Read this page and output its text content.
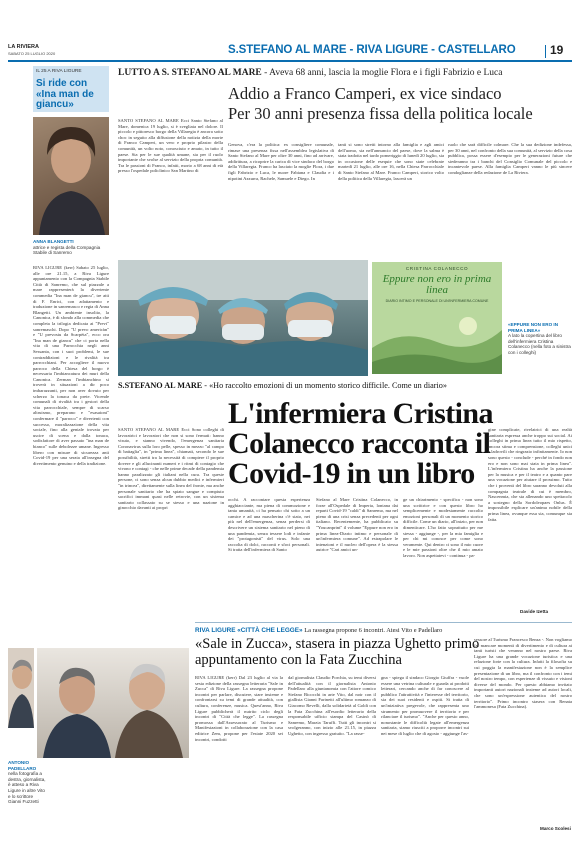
LA RIVIERA
SABATO 25 LUGLIO 2020	S.STEFANO AL MARE - RIVA LIGURE - CASTELLARO	19
IL 25 A RIVA LIGURE
Si ride con «Ina man de giancu»
ANNA BLANGETTI
attrice e regista della Compagnia Stabile di Sanremo
RIVA LIGURE (kerr) Sabato 25 luglio, alle ore 21.15, a Riva Ligure appuntamento con la Compagnia Stabile Città di Sanremo, che sul piazzale a mare rappresenterà la divertente commedia "Ina man de giancu", tre atti di F. Enrici, con adattamento e traduzione in sanremasco e regia di Anna Blangetti. Un ambiente insolito, la Canonica, è di sfondo alla commedia che completa la trilogia dedicata ai "Previ" sanremaschi. Dopo "U prevo americàn" e "U prevostu da Scarpèta", ecco ora "Ina man de giancu" che ci porta nella vita di una Parrocchia negli anni Sessanta, con i suoi problemi, le sue contraddizioni e le rivalità tra parrocchiani. Per accogliere il nuovo parroco della Chiesa del borgo è necessaria l'imbiancatura dei muri della Canonica. Zerman l'imbianchino si troverà in situazioni a dir poco imbarazzanti, per non aver dovuto per scherzo la tonaca da prete. Vicende comunali di rivalità tra i gestori della vita parrocchiale, sempre di scarso altruismo, preparano e "esasaioni" confermare il "parroco" e divertenti con successo, moralizzazione della vita sociale, fino alla geniale trovata per uscire di scena e dalla tonaca, sodisfattore di aver passato "ina man de bianco" sulle debolezze umane. Ingresso libero con misure di sicurezza anti Covid-19 per una serata all'insegna del divertimento genuino e della tradizione.
LUTTO A S. STEFANO AL MARE - Aveva 68 anni, lascia la moglie Flora e i figli Fabrizio e Luca
Addio a Franco Camperi, ex vice sindaco
Per 30 anni presenza fissa della politica locale
SANTO STEFANO AL MARE Ecci Santo Stefano al Mare, domenica 19 luglio, si è svegliata nel dolore. Il piccolo e pittoresco borgo della Villaregia è ancora sotto choc in seguito alla diffusione della notizia della morte di Franco Camperi, un vero e proprio pilastro della comunità, un volto noto, conosciuto e amato, in tutto il paese. Sia per le sue qualità umane, sia per il ruolo importante che svolse al servizio della propria comunità. Tra le passioni di Franco, infatti, morto a 68 anni di età presso l'ospedale policlinico San Martino di
Genova, c'era la politica: ex consigliere comunale, rimase una presenza fissa nell'assemblea legislativa di Santo Stefano al Mare per oltre 30 anni, fino ad arrivare, addirittura, a ricoprire la carica di vice sindaco del borgo della Villaregia. Franco ha lasciato la moglie Flora, i due figli Fabrizio e Luca, le nuore Fabiana e Claudia e i nipotini Azzurra, Rachele, Samuele e Diego. In
tanti si sono stretti intorno alla famiglia e agli amici dell'uomo, sia nell'annuncio del paese, dove la salma è stata tradotta nel tardo pomeriggio di lunedì 20 luglio, sia in occasione delle esequie che sono state celebrate martedì 21 luglio, alle ore 16, nella Chiesa Parrocchiale di Santo Stefano al Mare. Franco Camperi, storico volto della politica della Villaregia, lascerà un
ruolo che sarà difficile colmare. Che la sua dedizione indefessa, per 30 anni, nel confronto della sua comunità, al servizio della cosa pubblica, possa essere d'esempio per le generazioni future che siederanno tra i banchi del Consiglio Comunale del piccolo e incantevole paese. Alla famiglia Camperi vanno le più sincere condoglianze della redazione de La Riviera.
CRISTINA COLANECCO
Eppure non ero in prima linea
DIARIO INTIMO E PERSONALE DI UN'INFERMIERA COMUNE
«EPPURE NON ERO IN PRIMA LINEA»
A lato la copertina del libro dell'infermiera Cristina Colanecco (nella foto a sinistra con i colleghi)
S.STEFANO AL MARE - «Ho raccolto emozioni di un momento storico difficile. Come un diario»
L'infermiera Cristina Colanecco racconta il Covid-19 in un libro
SANTO STEFANO AL MARE Ecci Sono colleghi di lavoratrici e lavoratori che non si sono fermati: hanno visuto, e stanno vivendo, l'emergenza sanitaria Coronavirus sulla loro pelle, spesso in mezzo "al campo di battaglia", in "prima linea", chiamati, secondo le sue possibilità, stretti tra la necessità di compiere il proprio dovere e gli allucinanti numeri e i ritmi di contagio che vivono e contagi - che nelle prime decade della pandemia hanno paralizzato gli italiani nella cura. Tra queste persone, ci sono senza alcun dubbio medici e infermieri "in trincea", direttamente sulla linea del fronte, ma anche personale sanitario che ha spiato sangue e compiuto sacrifici immani quasi nelle retrovie, con un sistema sanitario collassato su se stesso e una nazione in ginocchio davanti ai propri
occhi. A raccontare questa esperienza agghiacciante, ma piena di commozione e tanta umanità, ci ha pensato chi sotto a un camice e ad una mascherina c'è stato, nei più nel dell'emergenza, senza perdersi di descrivere un sistema sanitario nel pieno di una pandemia, senza tessere lodi e infante dei "protagonisti" del virus. Solo una raccolta di dolci, racconti e sfoci personali. Si tratta dell'infermiera di Santo
Stefano al Mare Cristina Colanecco, in forze all'Ospedale di Imperia, lontana dai reparti Covid-19 "caldi" di Sanremo, ma nel pieno di una crisi senza precedenti per ogni italiano. Recentemente, ha pubblicato su "Youcanprint" il volume "Eppure non ero in prima linea-Diario intimo e personale di un'infermiera comune". Ad estrapolare le intenzioni e il nucleo dell'opera è la stessa autrice "Cari amici un-
ge un chiarimento - specifica - non sono una scrittrice e con questo libro ho semplicemente e modestamente raccolto emozioni personali di un momento storico difficile. Come un diario, all'inizio, per non dimenticare. L'ho fatto soprattutto per me stessa - aggiunge -, per la mia famiglia e per chi mi conosce per come sono veramente. Qui dentro ci sono il mio cuore e le mie passioni oltre che il mio amato lavoro. Non aspettatevi - continua - pa-
gine complicate, rivelatrici di una realtà sanitaria espressa anche troppo sui social. Ai colleghi in prima linea tutto il mio rispetto, ancora stima e comprensione, colleghi unici e ladrovili che ringrazio infinitamente. Io non sono questo - conclude - perché in fondo non ero e non sono mai stata in prima linea". L'infermiera Cristina ha anche la passione per la musica e per il teatro e a quanto pare una vocazione per aiutare il prossimo. Tutto che i proventi del libro saranno devoluti alla compagnia teatrale di cui è membro, Nascenmia, che sta allenando uno spettacolo a sostegno della Sordoleopaes Onlus. È impossibile esplicare un'anima nobile della prima linea, ovunque essa sia, comunque sia fatta.
Davide Izetta
RIVA LIGURE «CITTÀ CHE LEGGE» La rassegna propone 6 incontri. Atesi Vito e Padellaro
«Sale in Zucca», stasera in piazza Ughetto primo appuntamento con la Fata Zucchina
ANTONIO PADELLARO
nella fotografia a destra, giornalista, è atteso a Riva Ligure in altre Vito e lo scrittore Gianni Fuzzetti
RIVA LIGURE (kerr) Dal 23 luglio al via la sesta edizione della rassegna letteraria "Sale in Zucca" di Riva Ligure. La rassegna propone incontri per parlare, discutere, stare insieme e confrontarsi su temi di grande attualità, con cultura, conferenze, musica. Quest'anno, Riva Ligure pubblicherà il nutrito ciclo degli incontri di "Città che legge". La rassegna promossa dall'Assessorato al Turismo e Manifestazioni in collaborazione con la casa editrice Zem, propone per l'estate 2020 sei incontri, condotti
dal giornalista Claudio Porchia, su temi diversi dell'attualità con il giornalista Antonio Padellaro alla giuntanomia con l'attore comico Stefano Bicocchi in arte Vito, dal noir con il giallista Gianni Farinetti all'ultimo romanzo di Giacomo Revelli, dalla solidarietà al Goldi con la Fata Zucchina all'esordio letterario della responsabile ufficio stampa del Casinò di Sanremo, Marzia Taruffi. Tutti gli incontri si svolgeranno, con inizio alle 21.15, in piazza Ughetto, con ingresso gratuito. "La rasse-
gna - spiega il sindaco Giorgio Giuffra - vuole essere una vetrina culturale e guarda ai prodotti letterari, cercando anche di far conoscere al pubblico l'attrattività e l'interesse del territorio, sia dei suoi residenti e ospiti. Si tratta di un'iniziativa pregevole, che rappresenta uno strumento per promuovere il territorio e per rilanciare il turismo". "Anche per questo anno, nonostante le difficoltà legate all'emergenza sanitaria, siamo riusciti a proporre incontri sui nei mese di luglio che di agosto - aggiunge l'as-
sessore al Turismo Francesco Benza -. Non vogliamo far mancare momenti di divertimento e di cultura ai tanti turisti che veranno nel nostro paese. Riva Ligure ha una grande vocazione turistica e una relazione forte con la cultura. Infatti la filosofia su cui poggia la manifestazione non è la semplice presentazione di un libro, ma il confronto con i temi del nostro tempo, con esperienze di vissuto e visioni diverse del mondo. Per questo abbiamo invitato importanti autori nazionali insieme ad autori locali, che sono un'espressione autentica del nostro territorio". Primo incontro stasera con Renata l'ammonesa (Fata Zucchina).
Marco Scolesi
